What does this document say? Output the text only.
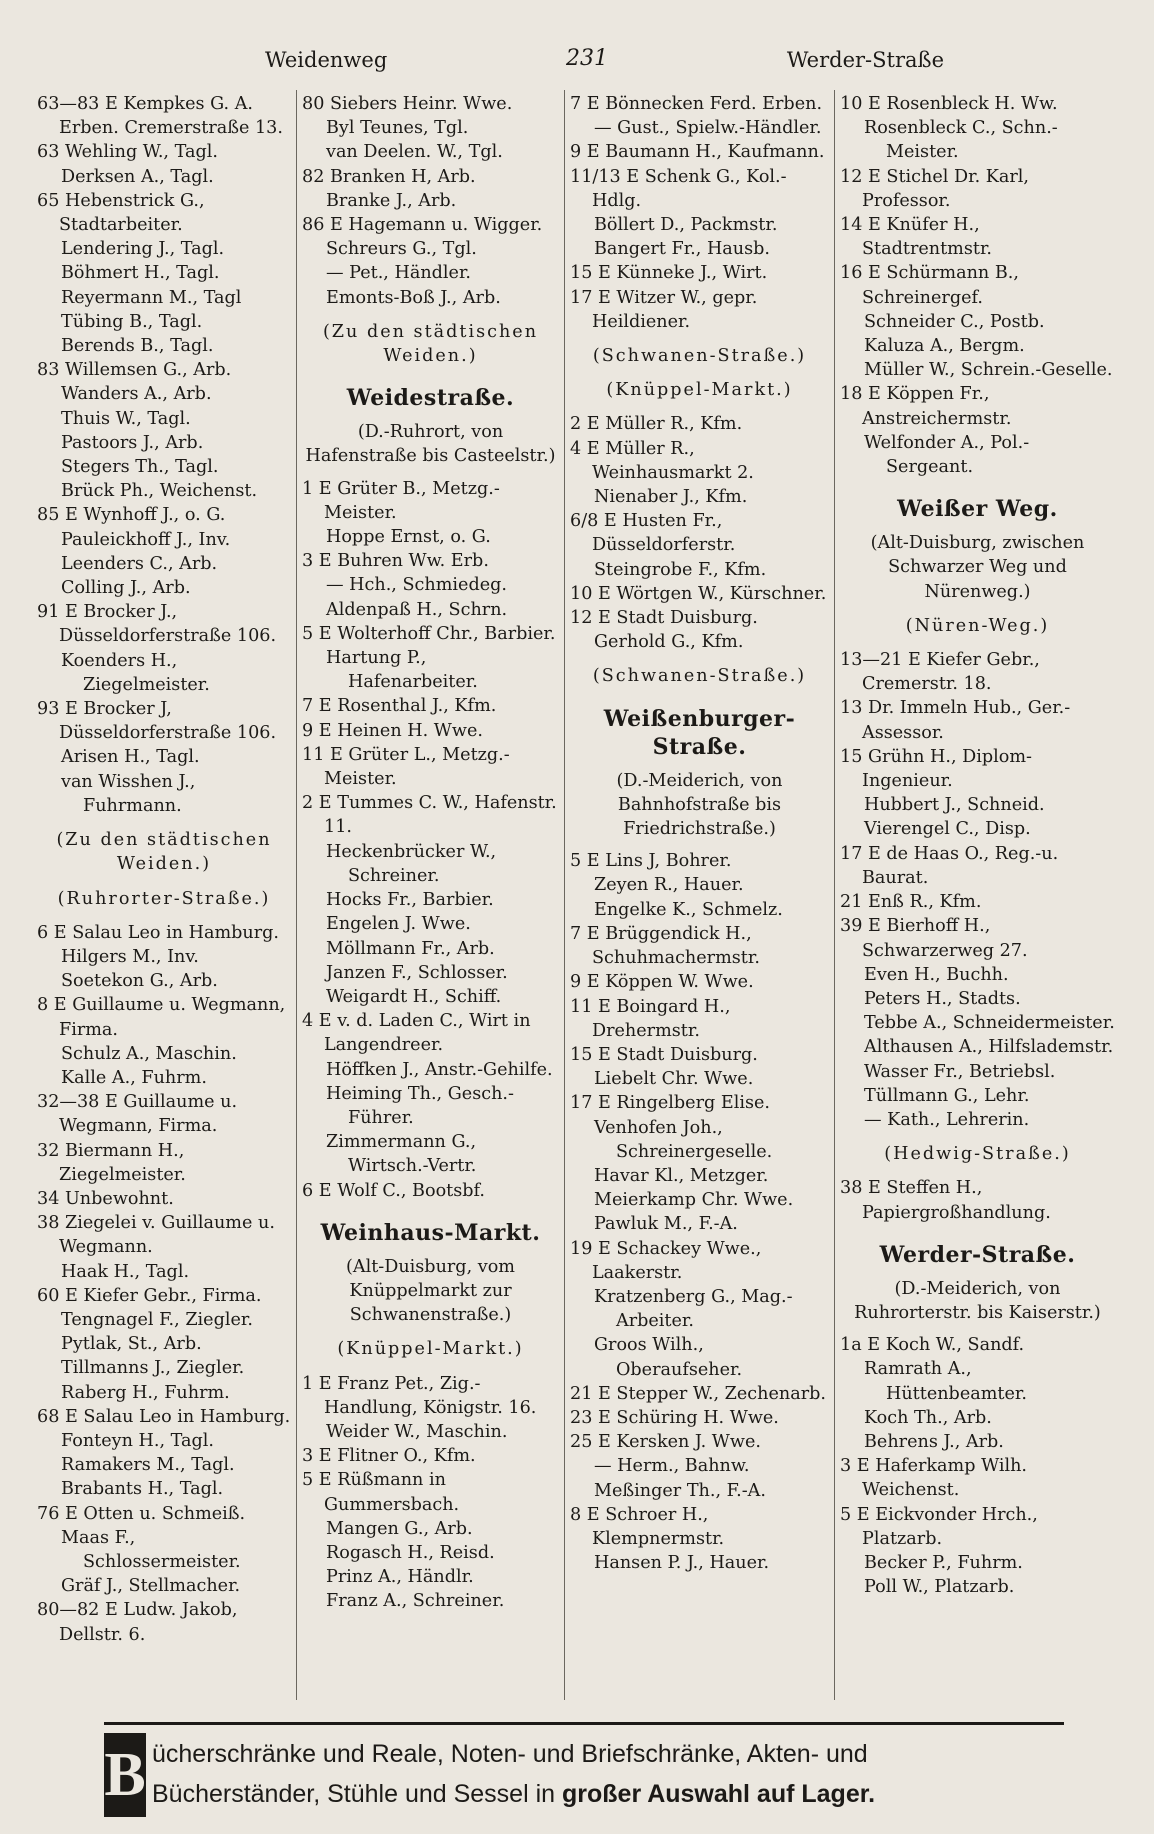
Weidenweg	231	Werder-Straße

63—83 E Kempkes G. A. Erben. Cremerstraße 13.

63 Wehling W., Tagl.

Derksen A., Tagl.

65 Hebenstrick G., Stadtarbeiter.

Lendering J., Tagl.

Böhmert H., Tagl.

Reyermann M., Tagl

Tübing B., Tagl.

Berends B., Tagl.

83 Willemsen G., Arb.

Wanders A., Arb.

Thuis W., Tagl.

Pastoors J., Arb.

Stegers Th., Tagl.

Brück Ph., Weichenst.

85 E Wynhoff J., o. G.

Pauleickhoff J., Inv.

Leenders C., Arb.

Colling J., Arb.

91 E Brocker J., Düsseldorferstraße 106.

Koenders H., Ziegelmeister.

93 E Brocker J, Düsseldorferstraße 106.

Arisen H., Tagl.

van Wisshen J., Fuhrmann.

(Zu den städtischen Weiden.)

(Ruhrorter-Straße.)

6 E Salau Leo in Hamburg.

Hilgers M., Inv.

Soetekon G., Arb.

8 E Guillaume u. Wegmann, Firma.

Schulz A., Maschin.

Kalle A., Fuhrm.

32—38 E Guillaume u. Wegmann, Firma.

32 Biermann H., Ziegelmeister.

34 Unbewohnt.

38 Ziegelei v. Guillaume u. Wegmann.

Haak H., Tagl.

60 E Kiefer Gebr., Firma.

Tengnagel F., Ziegler.

Pytlak, St., Arb.

Tillmanns J., Ziegler.

Raberg H., Fuhrm.

68 E Salau Leo in Hamburg.

Fonteyn H., Tagl.

Ramakers M., Tagl.

Brabants H., Tagl.

76 E Otten u. Schmeiß.

Maas F., Schlossermeister.

Gräf J., Stellmacher.

80—82 E Ludw. Jakob, Dellstr. 6.

80 Siebers Heinr. Wwe.

Byl Teunes, Tgl.

van Deelen. W., Tgl.

82 Branken H, Arb.

Branke J., Arb.

86 E Hagemann u. Wigger.

Schreurs G., Tgl.

— Pet., Händler.

Emonts-Boß J., Arb.

(Zu den städtischen Weiden.)

Weidestraße.

(D.-Ruhrort, von Hafenstraße bis Casteelstr.)

1 E Grüter B., Metzg.-Meister.

Hoppe Ernst, o. G.

3 E Buhren Ww. Erb.

— Hch., Schmiedeg.

Aldenpaß H., Schrn.

5 E Wolterhoff Chr., Barbier.

Hartung P., Hafenarbeiter.

7 E Rosenthal J., Kfm.

9 E Heinen H. Wwe.

11 E Grüter L., Metzg.-Meister.

2 E Tummes C. W., Hafenstr. 11.

Heckenbrücker W., Schreiner.

Hocks Fr., Barbier.

Engelen J. Wwe.

Möllmann Fr., Arb.

Janzen F., Schlosser.

Weigardt H., Schiff.

4 E v. d. Laden C., Wirt in Langendreer.

Höffken J., Anstr.-Gehilfe.

Heiming Th., Gesch.-Führer.

Zimmermann G., Wirtsch.-Vertr.

6 E Wolf C., Bootsbf.

Weinhaus-Markt.

(Alt-Duisburg, vom Knüppelmarkt zur Schwanenstraße.)

(Knüppel-Markt.)

1 E Franz Pet., Zig.-Handlung, Königstr. 16.

Weider W., Maschin.

3 E Flitner O., Kfm.

5 E Rüßmann in Gummersbach.

Mangen G., Arb.

Rogasch H., Reisd.

Prinz A., Händlr.

Franz A., Schreiner.

7 E Bönnecken Ferd. Erben.

— Gust., Spielw.-Händler.

9 E Baumann H., Kaufmann.

11/13 E Schenk G., Kol.-Hdlg.

Böllert D., Packmstr.

Bangert Fr., Hausb.

15 E Künneke J., Wirt.

17 E Witzer W., gepr. Heildiener.

(Schwanen-Straße.)

(Knüppel-Markt.)

2 E Müller R., Kfm.

4 E Müller R., Weinhausmarkt 2.

Nienaber J., Kfm.

6/8 E Husten Fr., Düsseldorferstr.

Steingrobe F., Kfm.

10 E Wörtgen W., Kürschner.

12 E Stadt Duisburg.

Gerhold G., Kfm.

(Schwanen-Straße.)

Weißenburger-Straße.

(D.-Meiderich, von Bahnhofstraße bis Friedrichstraße.)

5 E Lins J, Bohrer.

Zeyen R., Hauer.

Engelke K., Schmelz.

7 E Brüggendick H., Schuhmachermstr.

9 E Köppen W. Wwe.

11 E Boingard H., Drehermstr.

15 E Stadt Duisburg.

Liebelt Chr. Wwe.

17 E Ringelberg Elise.

Venhofen Joh., Schreinergeselle.

Havar Kl., Metzger.

Meierkamp Chr. Wwe.

Pawluk M., F.-A.

19 E Schackey Wwe., Laakerstr.

Kratzenberg G., Mag.-Arbeiter.

Groos Wilh., Oberaufseher.

21 E Stepper W., Zechenarb.

23 E Schüring H. Wwe.

25 E Kersken J. Wwe.

— Herm., Bahnw.

Meßinger Th., F.-A.

8 E Schroer H., Klempnermstr.

Hansen P. J., Hauer.

10 E Rosenbleck H. Ww.

Rosenbleck C., Schn.-Meister.

12 E Stichel Dr. Karl, Professor.

14 E Knüfer H., Stadtrentmstr.

16 E Schürmann B., Schreinergef.

Schneider C., Postb.

Kaluza A., Bergm.

Müller W., Schrein.-Geselle.

18 E Köppen Fr., Anstreichermstr.

Welfonder A., Pol.-Sergeant.

Weißer Weg.

(Alt-Duisburg, zwischen Schwarzer Weg und Nürenweg.)

(Nüren-Weg.)

13—21 E Kiefer Gebr., Cremerstr. 18.

13 Dr. Immeln Hub., Ger.-Assessor.

15 Grühn H., Diplom-Ingenieur.

Hubbert J., Schneid.

Vierengel C., Disp.

17 E de Haas O., Reg.-u. Baurat.

21 Enß R., Kfm.

39 E Bierhoff H., Schwarzerweg 27.

Even H., Buchh.

Peters H., Stadts.

Tebbe A., Schneidermeister.

Althausen A., Hilfslademstr.

Wasser Fr., Betriebsl.

Tüllmann G., Lehr.

— Kath., Lehrerin.

(Hedwig-Straße.)

38 E Steffen H., Papiergroßhandlung.

Werder-Straße.

(D.-Meiderich, von Ruhrorterstr. bis Kaiserstr.)

1a E Koch W., Sandf.

Ramrath A., Hüttenbeamter.

Koch Th., Arb.

Behrens J., Arb.

3 E Haferkamp Wilh. Weichenst.

5 E Eickvonder Hrch., Platzarb.

Becker P., Fuhrm.

Poll W., Platzarb.

B ücherschränke und Reale, Noten- und Briefschränke, Akten- und
Bücherständer, Stühle und Sessel in großer Auswahl auf Lager.
